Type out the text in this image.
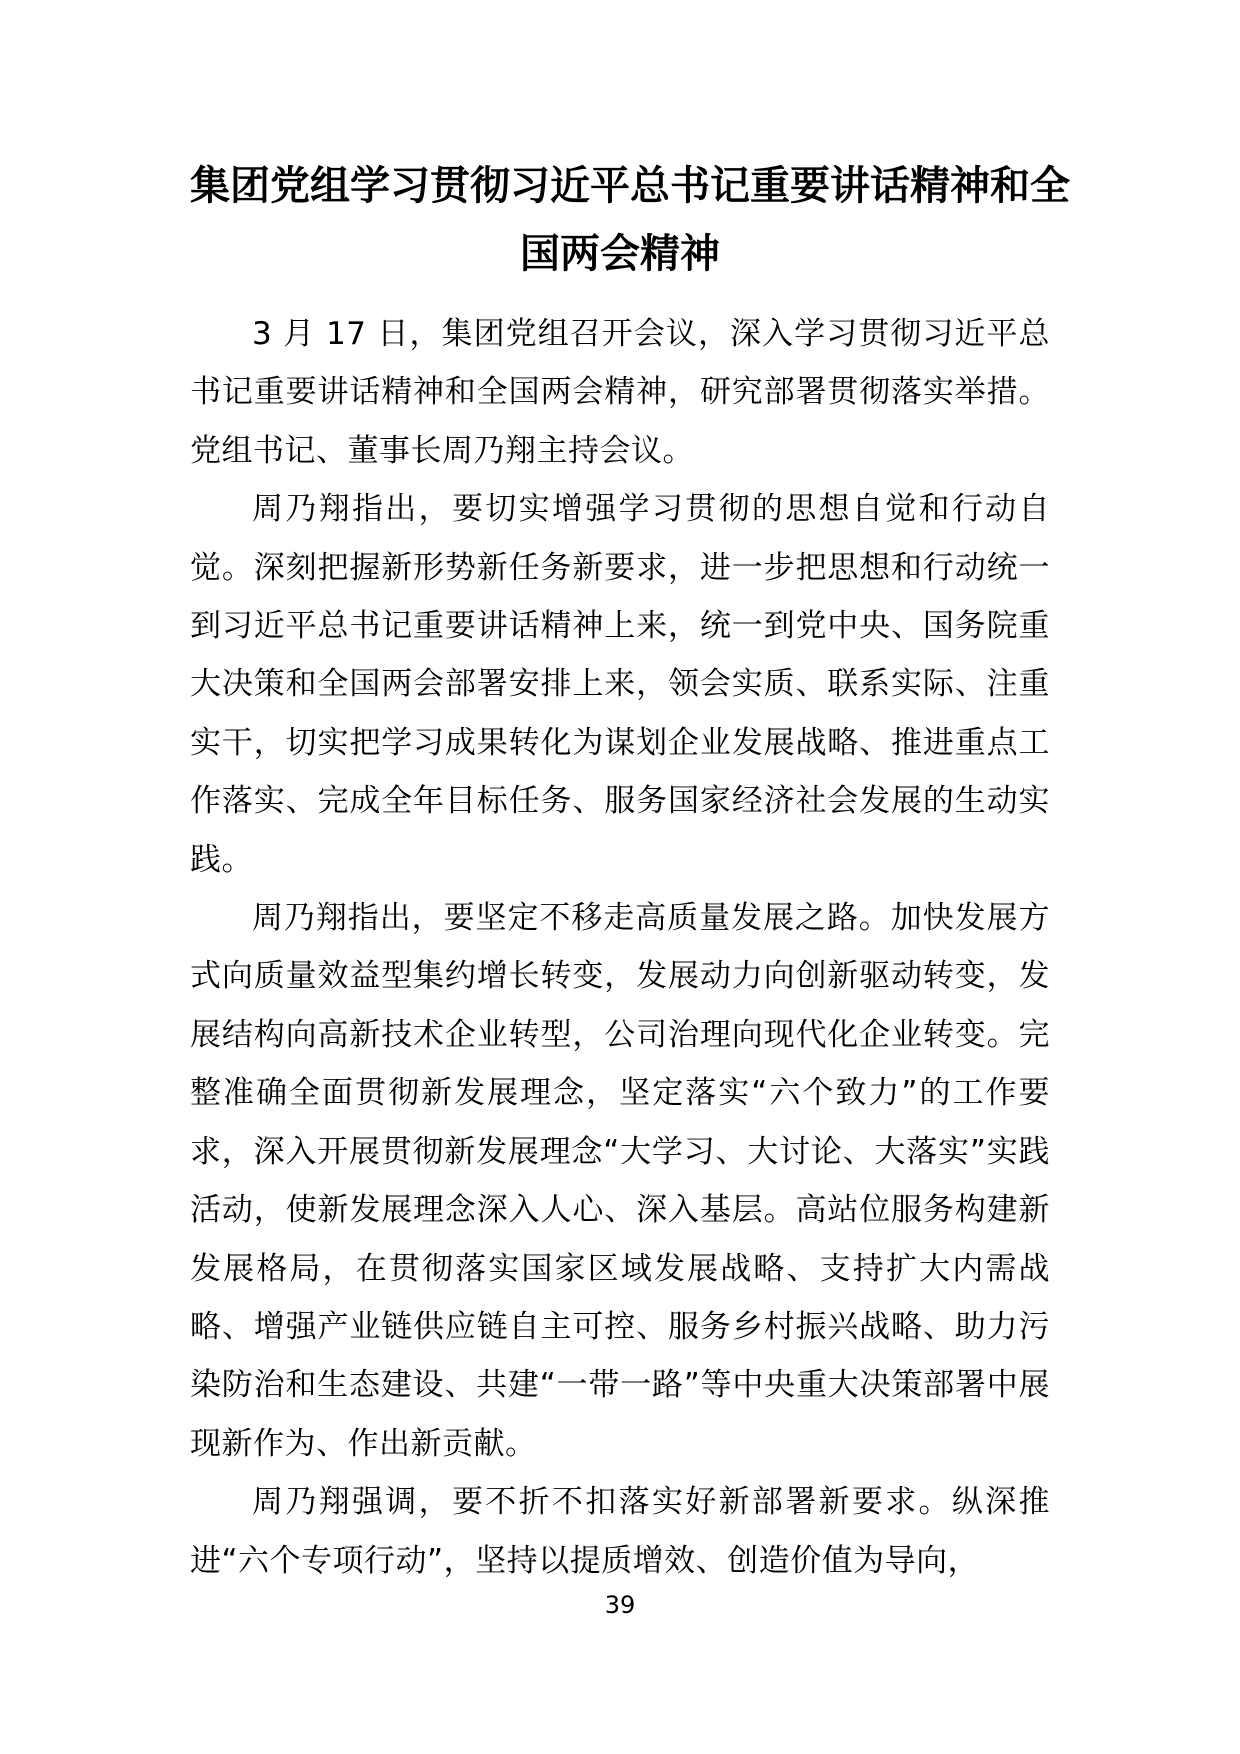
集团党组学习贯彻习近平总书记重要讲话精神和全
国两会精神

3 月 17 日，集团党组召开会议，深入学习贯彻习近平总书记重要讲话精神和全国两会精神，研究部署贯彻落实举措。党组书记、董事长周乃翔主持会议。

周乃翔指出，要切实增强学习贯彻的思想自觉和行动自觉。深刻把握新形势新任务新要求，进一步把思想和行动统一到习近平总书记重要讲话精神上来，统一到党中央、国务院重大决策和全国两会部署安排上来，领会实质、联系实际、注重实干，切实把学习成果转化为谋划企业发展战略、推进重点工作落实、完成全年目标任务、服务国家经济社会发展的生动实践。

周乃翔指出，要坚定不移走高质量发展之路。加快发展方式向质量效益型集约增长转变，发展动力向创新驱动转变，发展结构向高新技术企业转型，公司治理向现代化企业转变。完整准确全面贯彻新发展理念，坚定落实“六个致力”的工作要求，深入开展贯彻新发展理念“大学习、大讨论、大落实”实践活动，使新发展理念深入人心、深入基层。高站位服务构建新发展格局，在贯彻落实国家区域发展战略、支持扩大内需战略、增强产业链供应链自主可控、服务乡村振兴战略、助力污染防治和生态建设、共建“一带一路”等中央重大决策部署中展现新作为、作出新贡献。

周乃翔强调，要不折不扣落实好新部署新要求。纵深推进“六个专项行动”，坚持以提质增效、创造价值为导向，

39
